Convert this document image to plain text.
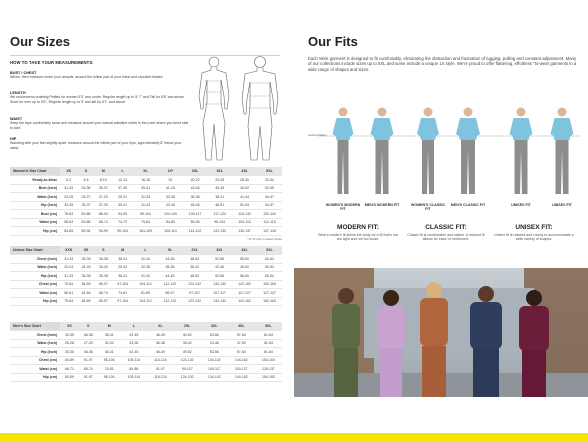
Our Sizes
HOW TO TAKE YOUR MEASUREMENTS:
BUST / CHEST
Whole, then measure under your armpits, around the fullest part of your chest and shoulder blades
LENGTH
We recommend ordering Petites for women 5'3" and under. Regular length up to 5' 7" and Tall for 5'8" and above. Short for men up to 5'6", Regular length up to 5' and tall for 6'1" and above.
WAIST
Keep the tape comfortably loose and measure around your natural waistline which is the point where you bend side to side.
HIP
Standing with your feet slightly apart, measure around the fullest part of your hips, approximately 8" below your waist.
Women's Size Chart	XS	S	M	L	XL	1X*	2XL	3XL	4XL	5XL
Ready-to-Wear	0-2	4-6	8-10	12-14	16-18	20	20-22	24-26	28-30	32-34
Bust (inch)	31-33	33-35	35-37	37-39	39-41	41-43	43-46	46-49	49-52	52-55
Waist (inch)	23-25	25-27	27-29	29-31	31-33	33-35	35-38	38-41	41-44	44-47
Hip (inch)	33-35	35-37	37-39	39-41	41-43	43-45	45-48	48-51	51-54	54-57
Bust (cm)	78-83	83-88	88-94	94-99	99-104	104-109	109-117	117-124	124-132	132-140
Waist (cm)	58-63	63-68	68-74	74-79	79-84	84-89	89-96	96-104	104-112	112-119
Hip (cm)	84-89	89-94	94-99	99-104	104-109	109-114	114-122	122-130	130-137	137-145
*1X fit only in select styles
Unisex Size Chart	XXS	XS	S	M	L	XL	2XL	3XL	4XL	5XL
Chest (inch)	31-33	33-35	35-38	38-41	41-44	44-48	48-52	52-56	56-60	60-64
Waist (inch)	22-24	24-26	26-29	29-32	32-35	35-38	38-42	42-46	46-50	50-54
Hip (inch)	31-33	33-35	35-38	38-41	41-44	44-48	48-52	52-56	56-60	60-64
Chest (cm)	79-84	84-89	89-97	97-104	104-112	112-122	122-132	132-142	142-152	152-163
Waist (cm)	56-61	61-66	66-74	74-81	81-89	89-97	97-107	107-117	117-127	127-137
Hip (cm)	79-84	84-89	89-97	97-104	104-112	112-122	122-132	132-142	142-152	152-163
Men's Size Chart	XS	S	M	L	XL	2XL	3XL	4XL	5XL
Chest (inch)	33-35	36-38	38-41	42-45	46-49	49-52	53-56	57-60	61-64
Waist (inch)	26-28	27-29	30-32	33-35	36-38	39-42	43-46	47-50	51-54
Hip (inch)	33-35	36-38	38-41	42-45	46-49	49-52	53-56	57-60	61-64
Chest (cm)	84-89	91-97	98-104	105-114	116-124	124-132	134-142	144-152	154-163
Waist (cm)	66-71	69-74	76-81	84-89	91-97	99-107	109-117	119-127	129-137
Hip (cm)	84-89	91-97	98-104	105-114	116-124	124-132	134-142	144-152	154-163
Our Fits
Each Wink garment is designed to fit comfortably, eliminating the distraction and frustration of tugging, pulling and constant adjustment. Many of our collections include sizes up to 5XL and some include a unique 1X style. We're proud to offer flattering, effortless "to-wear garments in a wide range of shapes and sizes.
Natural Waist
WOMEN'S MODERN FIT
MEN'S MODERN FIT	WOMEN'S CLASSIC FIT
MEN'S CLASSIC FIT	UNISEX FIT	UNISEX FIT
MODERN FIT:
Wink's modern fit skims the body for a fit that's not too tight and not too loose.
CLASSIC FIT:
Classic fit is comfortable and stylish. A relaxed fit allows for ease of movement.
UNISEX FIT:
Unisex fit is relaxed and roomy to accommodate a wide variety of shapes.
